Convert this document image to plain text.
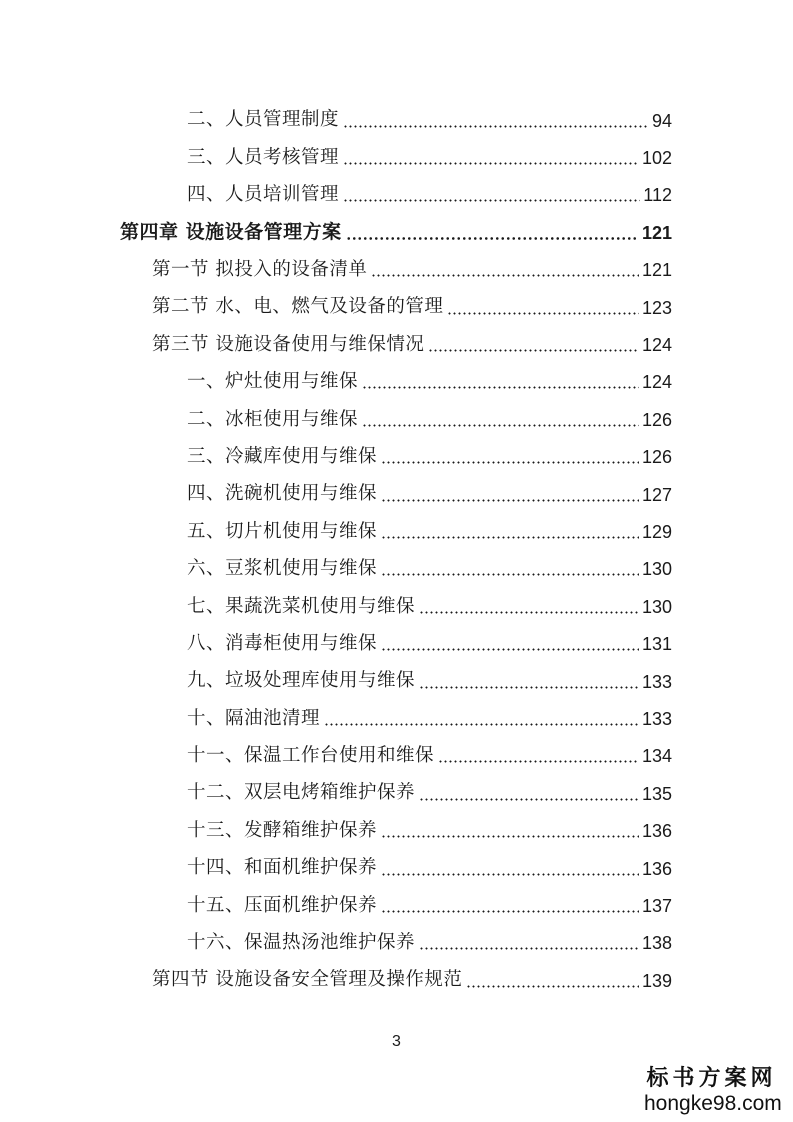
二、人员管理制度	94
三、人员考核管理	102
四、人员培训管理	112
第四章 设施设备管理方案	121
第一节 拟投入的设备清单	121
第二节 水、电、燃气及设备的管理	123
第三节 设施设备使用与维保情况	124
一、炉灶使用与维保	124
二、冰柜使用与维保	126
三、冷藏库使用与维保	126
四、洗碗机使用与维保	127
五、切片机使用与维保	129
六、豆浆机使用与维保	130
七、果蔬洗菜机使用与维保	130
八、消毒柜使用与维保	131
九、垃圾处理库使用与维保	133
十、隔油池清理	133
十一、保温工作台使用和维保	134
十二、双层电烤箱维护保养	135
十三、发酵箱维护保养	136
十四、和面机维护保养	136
十五、压面机维护保养	137
十六、保温热汤池维护保养	138
第四节 设施设备安全管理及操作规范	139
3
标书方案网
hongke98.com
